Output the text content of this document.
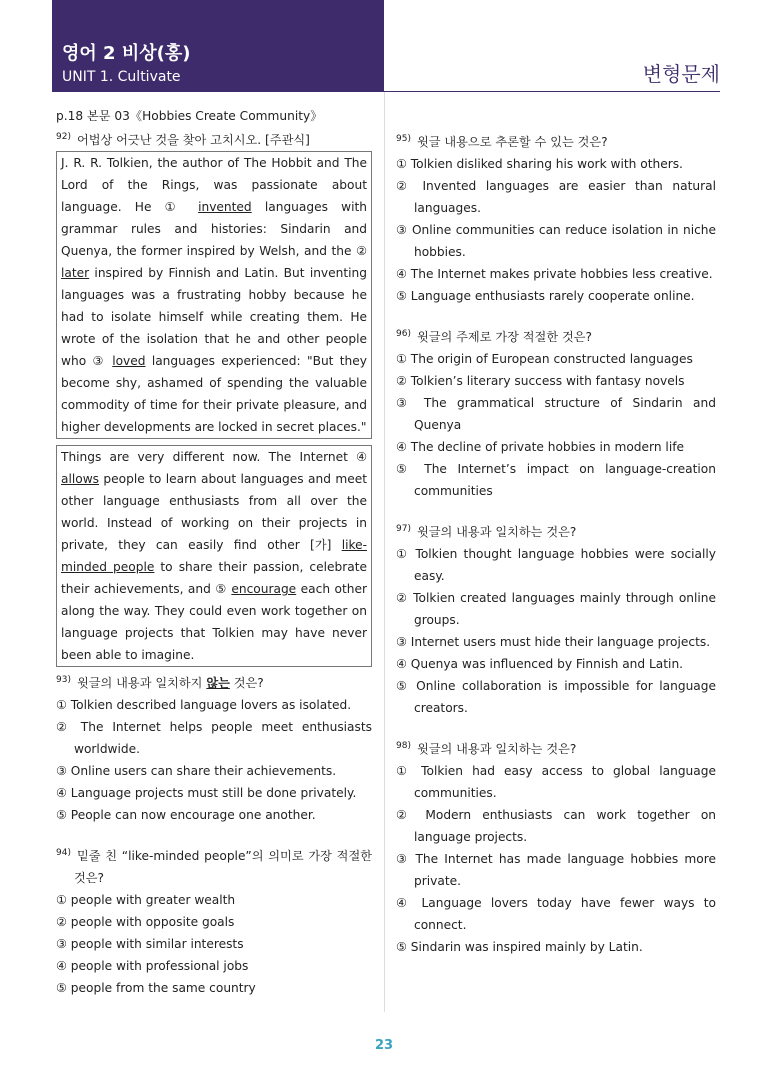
영어 2 비상(홍)
UNIT 1. Cultivate	변형문제
p.18 본문 03《Hobbies Create Community》
$^{92)}$ 어법상 어긋난 것을 찾아 고치시오. [주관식]
J. R. R. Tolkien, the author of The Hobbit and The Lord of the Rings, was passionate about language. He ① invented languages with grammar rules and histories: Sindarin and Quenya, the former inspired by Welsh, and the ② later inspired by Finnish and Latin. But inventing languages was a frustrating hobby because he had to isolate himself while creating them. He wrote of the isolation that he and other people who ③ loved languages experienced: "But they become shy, ashamed of spending the valuable commodity of time for their private pleasure, and higher developments are locked in secret places."
Things are very different now. The Internet ④ allows people to learn about languages and meet other language enthusiasts from all over the world. Instead of working on their projects in private, they can easily find other [가] like-minded people to share their passion, celebrate their achievements, and ⑤ encourage each other along the way. They could even work together on language projects that Tolkien may have never been able to imagine.
$^{93)}$ 윗글의 내용과 일치하지 않는 것은?
① Tolkien described language lovers as isolated.
② The Internet helps people meet enthusiasts worldwide.
③ Online users can share their achievements.
④ Language projects must still be done privately.
⑤ People can now encourage one another.
$^{94)}$ 밑줄 친 “like-minded people”의 의미로 가장 적절한 것은?
① people with greater wealth
② people with opposite goals
③ people with similar interests
④ people with professional jobs
⑤ people from the same country
$^{95)}$ 윗글 내용으로 추론할 수 있는 것은?
① Tolkien disliked sharing his work with others.
② Invented languages are easier than natural languages.
③ Online communities can reduce isolation in niche hobbies.
④ The Internet makes private hobbies less creative.
⑤ Language enthusiasts rarely cooperate online.
$^{96)}$ 윗글의 주제로 가장 적절한 것은?
① The origin of European constructed languages
② Tolkien’s literary success with fantasy novels
③ The grammatical structure of Sindarin and Quenya
④ The decline of private hobbies in modern life
⑤ The Internet’s impact on language-creation communities
$^{97)}$ 윗글의 내용과 일치하는 것은?
① Tolkien thought language hobbies were socially easy.
② Tolkien created languages mainly through online groups.
③ Internet users must hide their language projects.
④ Quenya was influenced by Finnish and Latin.
⑤ Online collaboration is impossible for language creators.
$^{98)}$ 윗글의 내용과 일치하는 것은?
① Tolkien had easy access to global language communities.
② Modern enthusiasts can work together on language projects.
③ The Internet has made language hobbies more private.
④ Language lovers today have fewer ways to connect.
⑤ Sindarin was inspired mainly by Latin.
23
